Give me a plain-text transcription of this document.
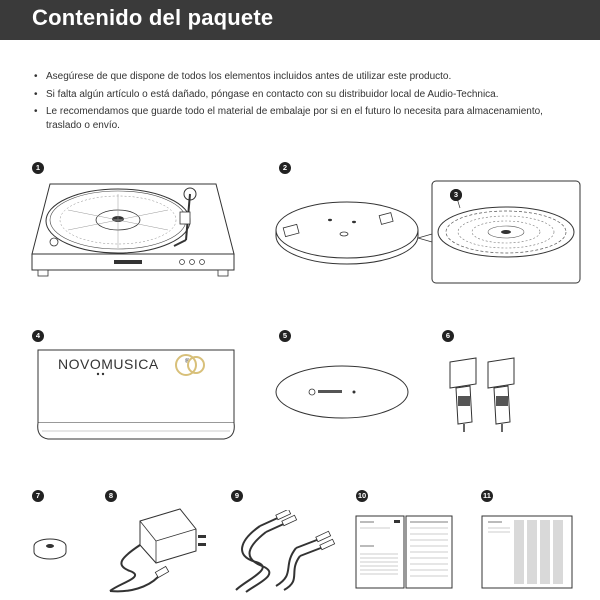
Contenido del paquete
• Asegúrese de que dispone de todos los elementos incluidos antes de utilizar este producto.
• Si falta algún artículo o está dañado, póngase en contacto con su distribuidor local de Audio-Technica.
• Le recomendamos que guarde todo el material de embalaje por si en el futuro lo necesita para almacenamiento, traslado o envío.
1	2
4	5	6
7	8	9	10	11
3
NOVOMUSICA	®
